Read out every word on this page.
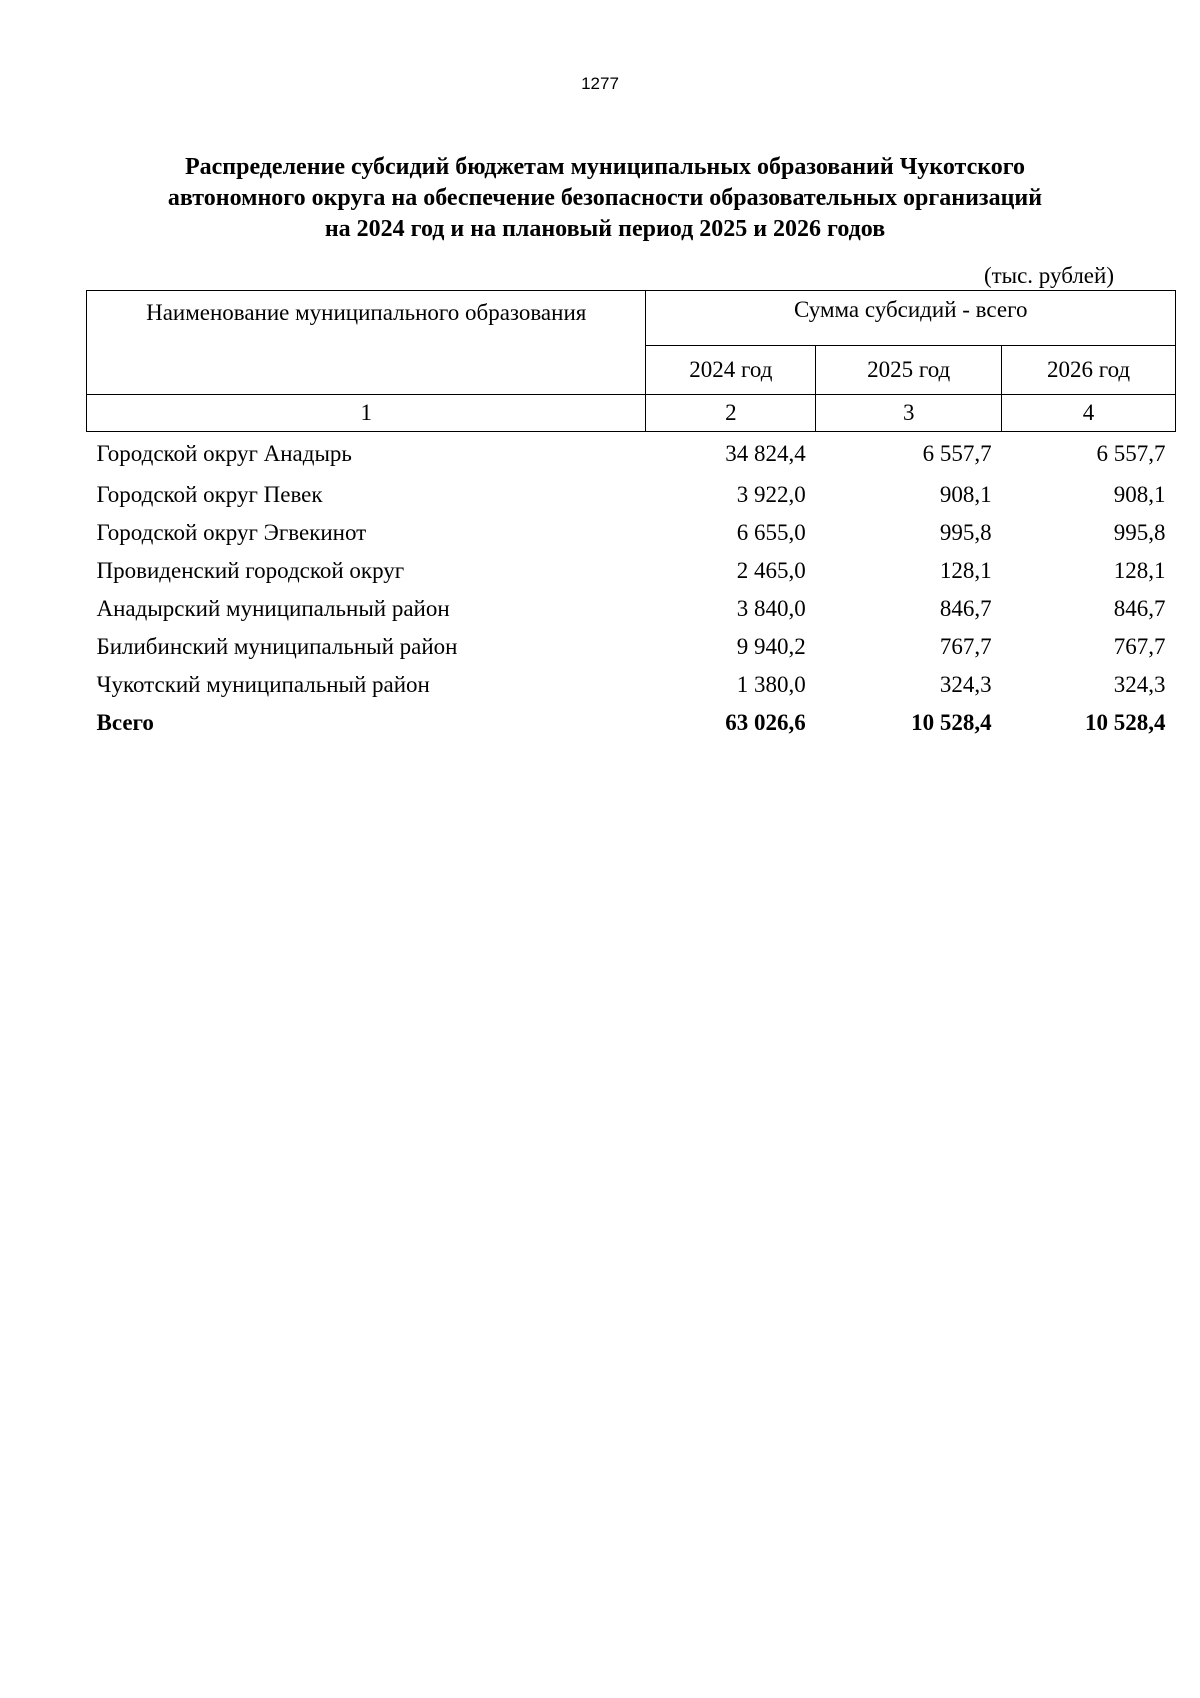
1277
Распределение субсидий бюджетам муниципальных образований Чукотского
автономного округа на обеспечение безопасности образовательных организаций
на 2024 год и на плановый период 2025 и 2026 годов
(тыс. рублей)
Наименование муниципального образования	Сумма субсидий - всего		
	2024 год	2025 год	2026 год
1	2	3	4
Городской округ Анадырь	34 824,4	6 557,7	6 557,7
Городской округ Певек	3 922,0	908,1	908,1
Городской округ Эгвекинот	6 655,0	995,8	995,8
Провиденский городской округ	2 465,0	128,1	128,1
Анадырский муниципальный район	3 840,0	846,7	846,7
Билибинский муниципальный район	9 940,2	767,7	767,7
Чукотский муниципальный район	1 380,0	324,3	324,3
Всего	63 026,6	10 528,4	10 528,4
